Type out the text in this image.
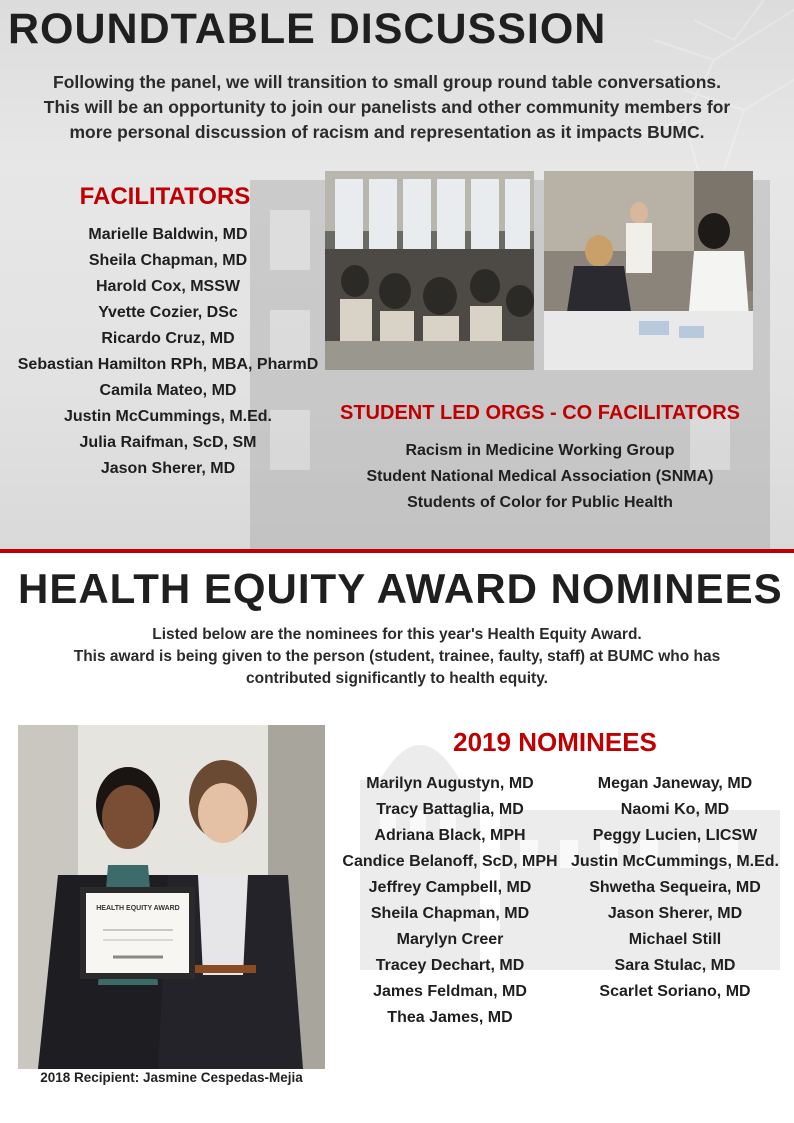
ROUNDTABLE DISCUSSION
Following the panel, we will transition to small group round table conversations.
This will be an opportunity to join our panelists and other community members for
more personal discussion of racism and representation as it impacts BUMC.
FACILITATORS
Marielle Baldwin, MD
Sheila Chapman, MD
Harold Cox, MSSW
Yvette Cozier, DSc
Ricardo Cruz, MD
Sebastian Hamilton RPh, MBA, PharmD
Camila Mateo, MD
Justin McCummings, M.Ed.
Julia Raifman, ScD, SM
Jason Sherer, MD
STUDENT LED ORGS - CO FACILITATORS
Racism in Medicine Working Group
Student National Medical Association (SNMA)
Students of Color for Public Health
HEALTH EQUITY AWARD NOMINEES
Listed below are the nominees for this year's Health Equity Award.
This award is being given to the person (student, trainee, faulty, staff) at BUMC who has
contributed significantly to health equity.
HEALTH EQUITY AWARD
2018 Recipient: Jasmine Cespedas-Mejia
2019 NOMINEES
Marilyn Augustyn, MD
Tracy Battaglia, MD
Adriana Black, MPH
Candice Belanoff, ScD, MPH
Jeffrey Campbell, MD
Sheila Chapman, MD
Marylyn Creer
Tracey Dechart, MD
James Feldman, MD
Thea James, MD
Megan Janeway, MD
Naomi Ko, MD
Peggy Lucien, LICSW
Justin McCummings, M.Ed.
Shwetha Sequeira, MD
Jason Sherer, MD
Michael Still
Sara Stulac, MD
Scarlet Soriano, MD
